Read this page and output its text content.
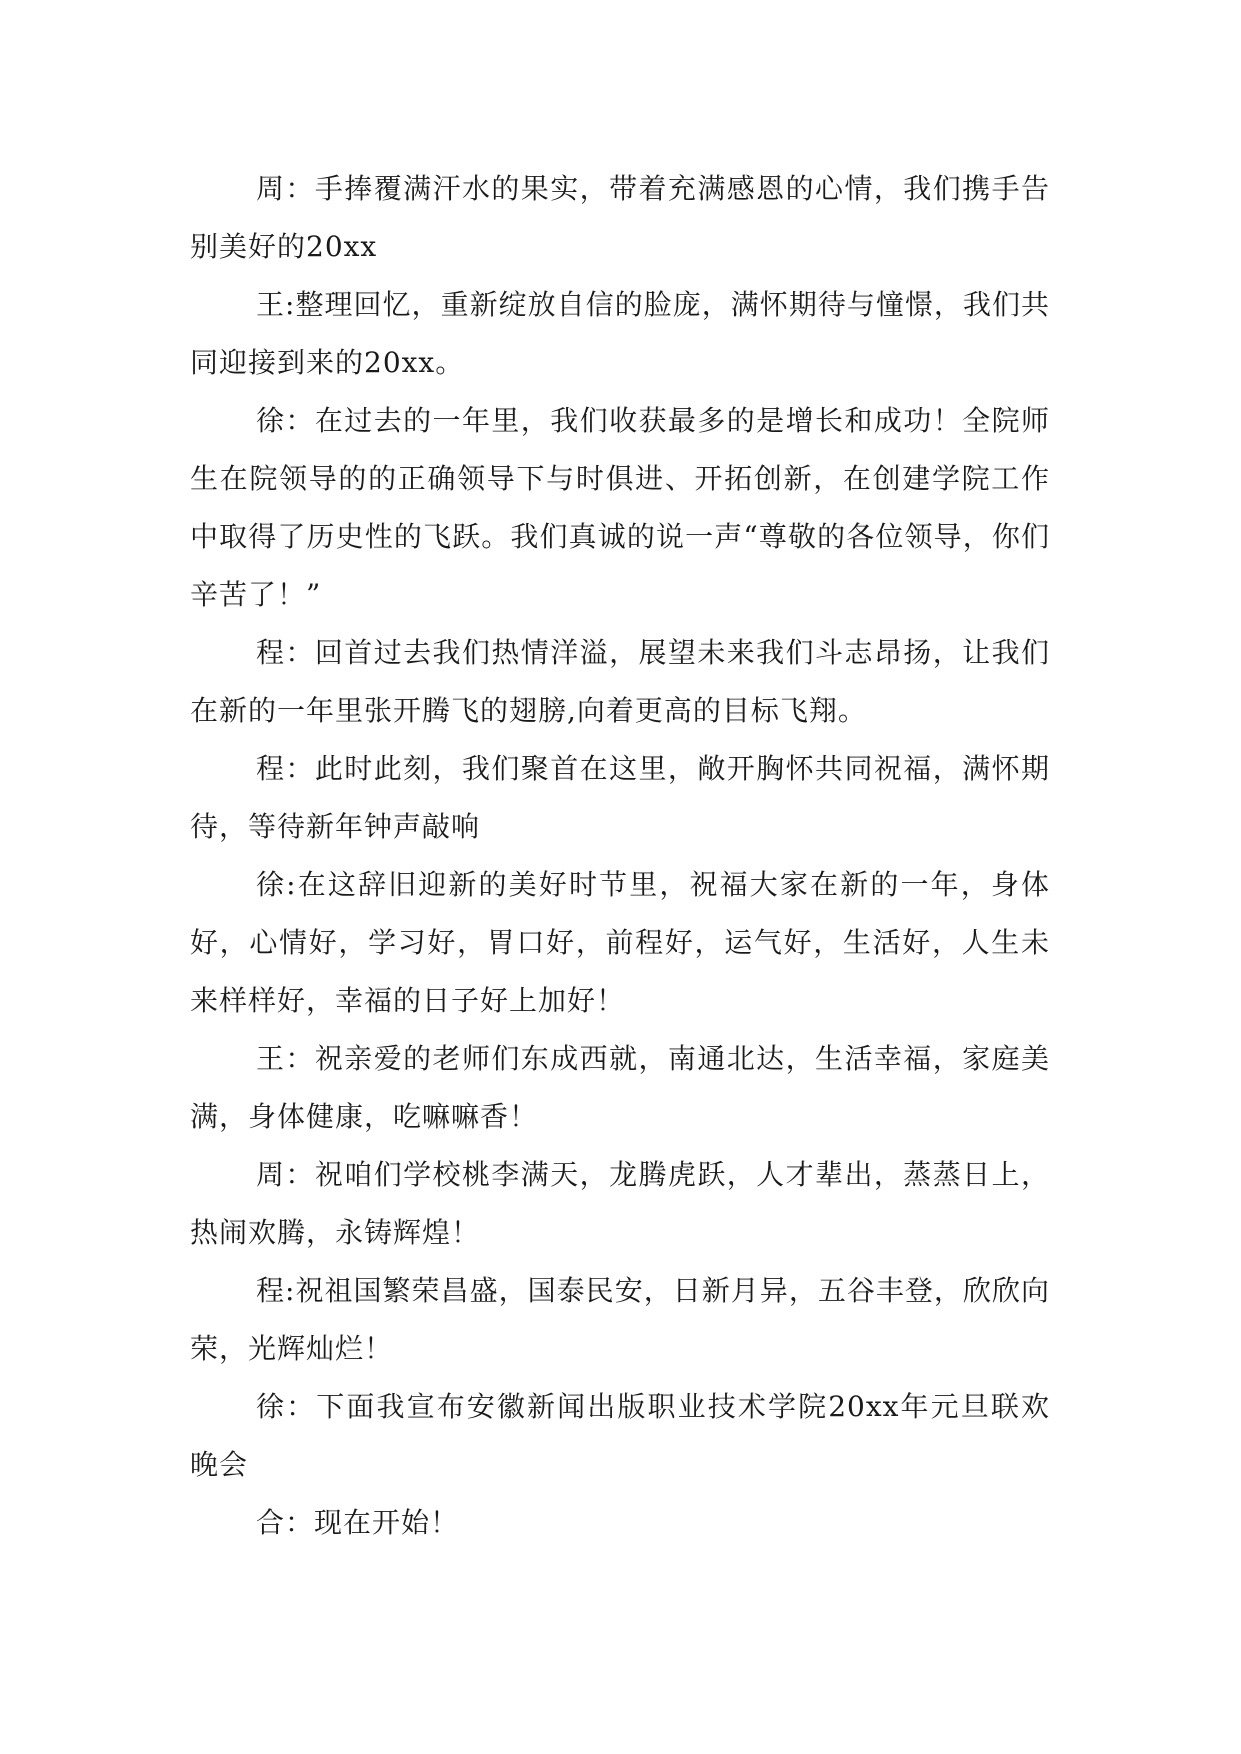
周：手捧覆满汗水的果实，带着充满感恩的心情，我们携手告别美好的20xx

王:整理回忆，重新绽放自信的脸庞，满怀期待与憧憬，我们共同迎接到来的20xx。

徐：在过去的一年里，我们收获最多的是增长和成功！全院师生在院领导的的正确领导下与时俱进、开拓创新，在创建学院工作中取得了历史性的飞跃。我们真诚的说一声“尊敬的各位领导，你们辛苦了！”

程：回首过去我们热情洋溢，展望未来我们斗志昂扬，让我们在新的一年里张开腾飞的翅膀,向着更高的目标飞翔。

程：此时此刻，我们聚首在这里，敞开胸怀共同祝福，满怀期待，等待新年钟声敲响

徐:在这辞旧迎新的美好时节里，祝福大家在新的一年，身体好，心情好，学习好，胃口好，前程好，运气好，生活好，人生未来样样好，幸福的日子好上加好！

王：祝亲爱的老师们东成西就，南通北达，生活幸福，家庭美满，身体健康，吃嘛嘛香！

周：祝咱们学校桃李满天，龙腾虎跃，人才辈出，蒸蒸日上，热闹欢腾，永铸辉煌！

程:祝祖国繁荣昌盛，国泰民安，日新月异，五谷丰登，欣欣向荣，光辉灿烂！

徐：下面我宣布安徽新闻出版职业技术学院20xx年元旦联欢晚会

合：现在开始！
